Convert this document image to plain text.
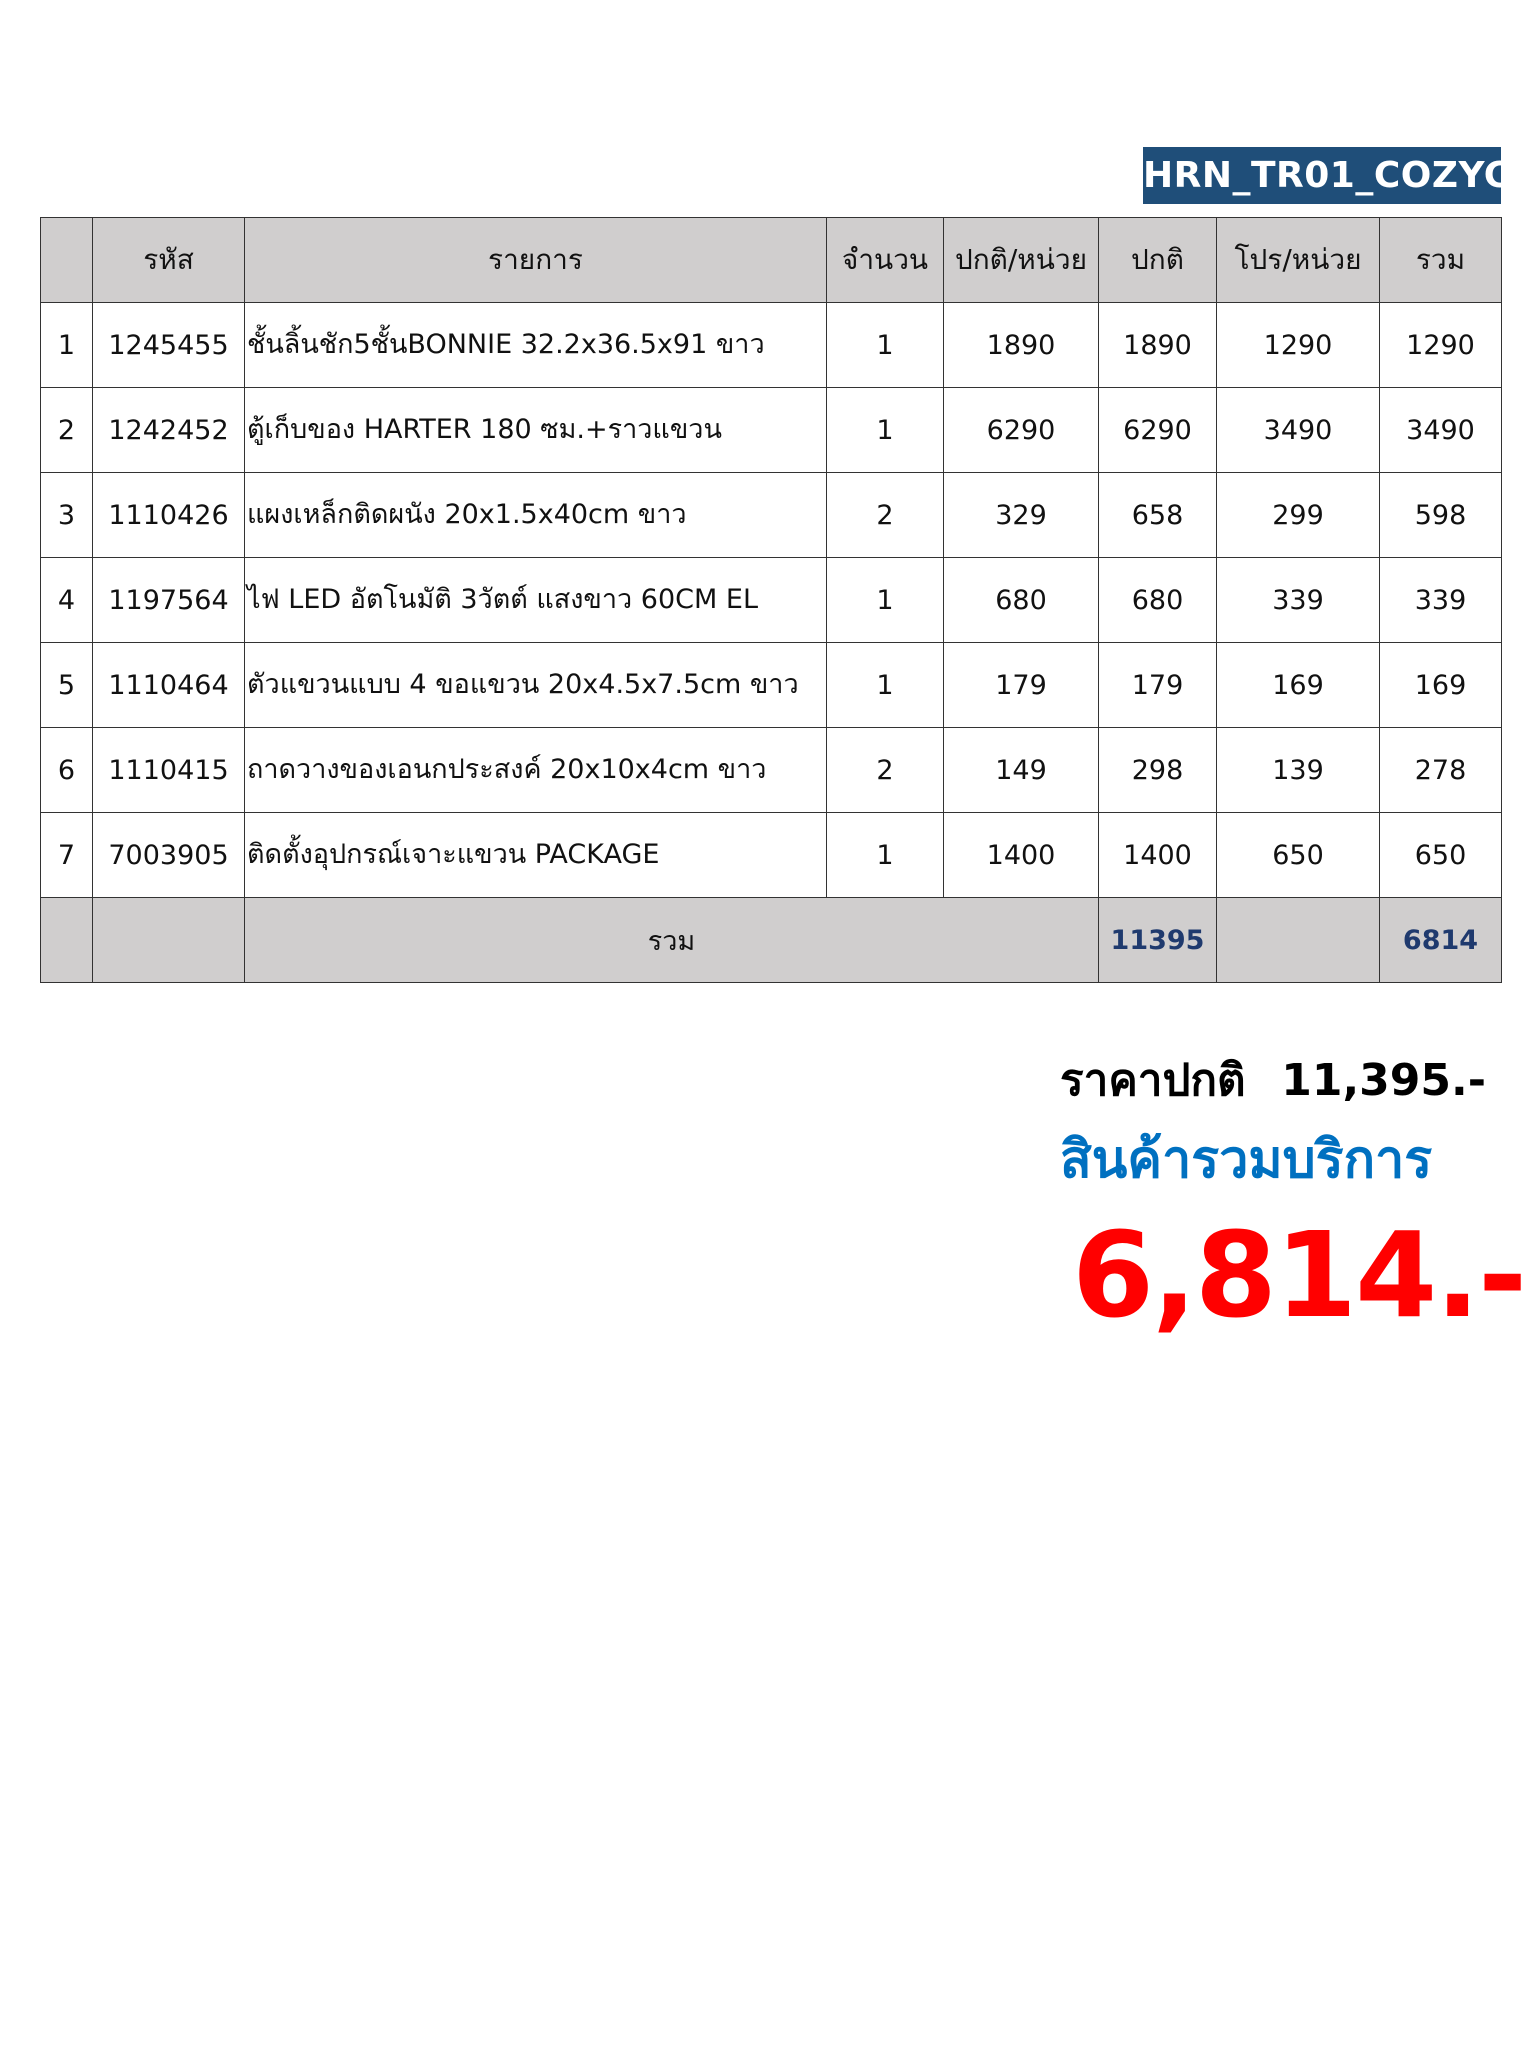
HRN_TR01_COZYC
	รหัส	รายการ	จำนวน	ปกติ/หน่วย	ปกติ	โปร/หน่วย	รวม
1	1245455	ชั้นลิ้นชัก5ชั้นBONNIE 32.2x36.5x91 ขาว	1	1890	1890	1290	1290
2	1242452	ตู้เก็บของ HARTER 180 ซม.+ราวแขวน	1	6290	6290	3490	3490
3	1110426	แผงเหล็กติดผนัง 20x1.5x40cm ขาว	2	329	658	299	598
4	1197564	ไฟ LED อัตโนมัติ 3วัตต์ แสงขาว 60CM EL	1	680	680	339	339
5	1110464	ตัวแขวนแบบ 4 ขอแขวน 20x4.5x7.5cm ขาว	1	179	179	169	169
6	1110415	ถาดวางของเอนกประสงค์ 20x10x4cm ขาว	2	149	298	139	278
7	7003905	ติดตั้งอุปกรณ์เจาะแขวน PACKAGE	1	1400	1400	650	650
		รวม			11395		6814
ราคาปกติ 11,395.-
สินค้ารวมบริการ
6,814.-
